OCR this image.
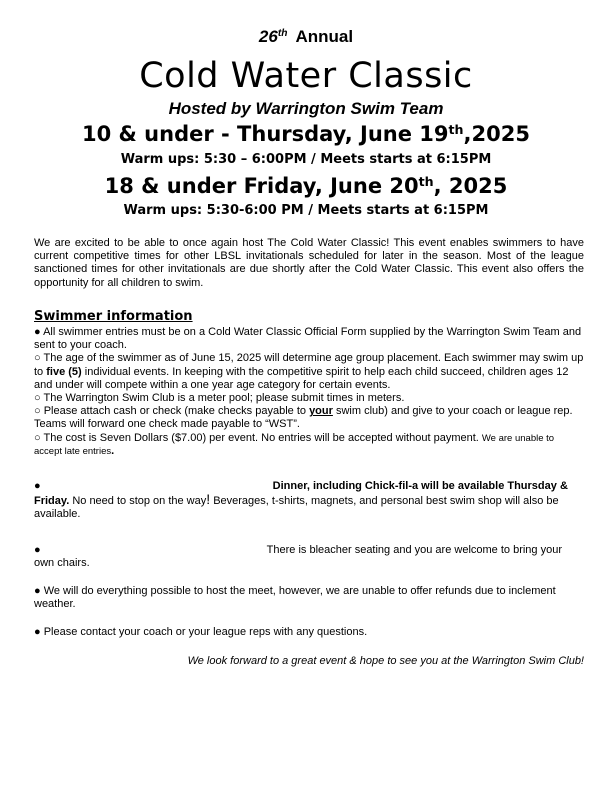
26th Annual
Cold Water Classic
Hosted by Warrington Swim Team
10 & under - Thursday, June 19th,2025
Warm ups: 5:30 – 6:00PM / Meets starts at 6:15PM
18 & under Friday, June 20th, 2025
Warm ups: 5:30-6:00 PM / Meets starts at 6:15PM
We are excited to be able to once again host The Cold Water Classic! This event enables swimmers to have current competitive times for other LBSL invitationals scheduled for later in the season. Most of the league sanctioned times for other invitationals are due shortly after the Cold Water Classic. This event also offers the opportunity for all children to swim.
Swimmer information

● All swimmer entries must be on a Cold Water Classic Official Form supplied by the Warrington Swim Team and sent to your coach.

○ The age of the swimmer as of June 15, 2025 will determine age group placement. Each swimmer may swim up to five (5) individual events. In keeping with the competitive spirit to help each child succeed, children ages 12 and under will compete within a one year age category for certain events.

○ The Warrington Swim Club is a meter pool; please submit times in meters.

○ Please attach cash or check (make checks payable to your swim club) and give to your coach or league rep. Teams will forward one check made payable to “WST”.

○ The cost is Seven Dollars ($7.00) per event. No entries will be accepted without payment. We are unable to accept late entries.

●	Dinner, including Chick-fil-a will be available Thursday & Friday. No need to stop on the way! Beverages, t-shirts, magnets, and personal best swim shop will also be available.
●	There is bleacher seating and you are welcome to bring your own chairs.
● We will do everything possible to host the meet, however, we are unable to offer refunds due to inclement weather.
● Please contact your coach or your league reps with any questions.
We look forward to a great event & hope to see you at the Warrington Swim Club!
